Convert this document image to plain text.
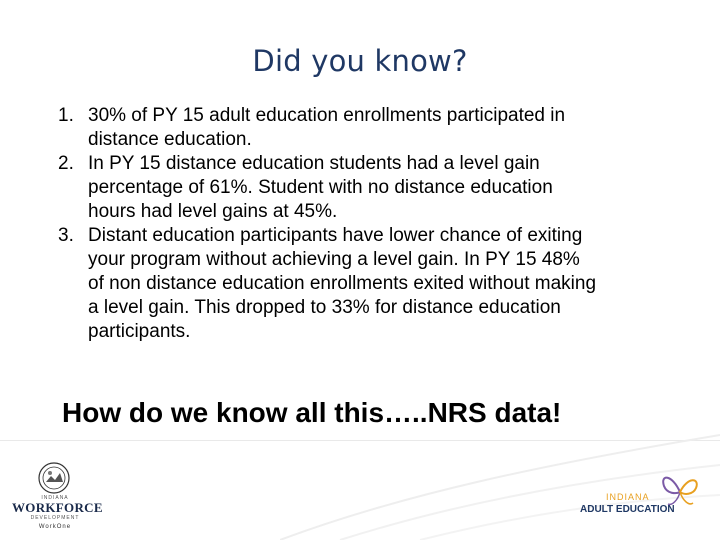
Did you know?
1. 30% of PY 15 adult education enrollments participated in
distance education.
2. In PY 15 distance education students had a level gain
percentage of 61%. Student with no distance education
hours had level gains at 45%.
3. Distant education participants have lower chance of exiting
your program without achieving a level gain. In PY 15 48%
of non distance education enrollments exited without making
a level gain. This dropped to 33% for distance education
participants.
How do we know all this…..NRS data!
INDIANA
WORKFORCE
DEVELOPMENT
WorkOne
INDIANA
ADULT EDUCATION
